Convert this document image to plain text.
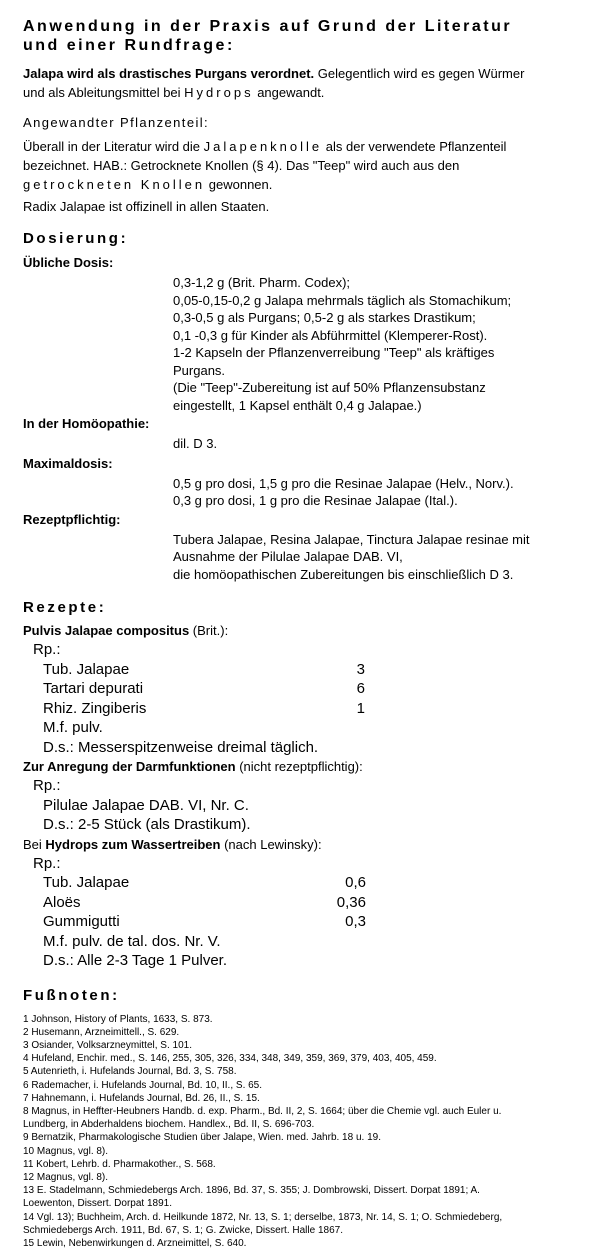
Anwendung in der Praxis auf Grund der Literatur

und einer Rundfrage:

Jalapa wird als drastisches Purgans verordnet. Gelegentlich wird es gegen Würmer

und als Ableitungsmittel bei Hydrops angewandt.

Angewandter Pflanzenteil:

Überall in der Literatur wird die Jalapenknolle als der verwendete Pflanzenteil

bezeichnet. HAB.: Getrocknete Knollen (§ 4). Das "Teep" wird auch aus den

getrockneten Knollen gewonnen.

Radix Jalapae ist offizinell in allen Staaten.

Dosierung:

Übliche Dosis:

0,3-1,2 g (Brit. Pharm. Codex);

0,05-0,15-0,2 g Jalapa mehrmals täglich als Stomachikum;

0,3-0,5 g als Purgans; 0,5-2 g als starkes Drastikum;

0,1 -0,3 g für Kinder als Abführmittel (Klemperer-Rost).

1-2 Kapseln der Pflanzenverreibung "Teep" als kräftiges

Purgans.

(Die "Teep"-Zubereitung ist auf 50% Pflanzensubstanz

eingestellt, 1 Kapsel enthält 0,4 g Jalapae.)

In der Homöopathie:

dil. D 3.

Maximaldosis:

0,5 g pro dosi, 1,5 g pro die Resinae Jalapae (Helv., Norv.).

0,3 g pro dosi, 1 g pro die Resinae Jalapae (Ital.).

Rezeptpflichtig:

Tubera Jalapae, Resina Jalapae, Tinctura Jalapae resinae mit

Ausnahme der Pilulae Jalapae DAB. VI,

die homöopathischen Zubereitungen bis einschließlich D 3.

Rezepte:

Pulvis Jalapae compositus (Brit.):

Rp.:

Tub. Jalapae	3
Tartari depurati	6
Rhiz. Zingiberis	1

M.f. pulv.

D.s.: Messerspitzenweise dreimal täglich.

Zur Anregung der Darmfunktionen (nicht rezeptpflichtig):

Rp.:

Pilulae Jalapae DAB. VI, Nr. C.

D.s.: 2-5 Stück (als Drastikum).

Bei Hydrops zum Wassertreiben (nach Lewinsky):

Rp.:

Tub. Jalapae	0,6
Aloës	0,36
Gummigutti	0,3

M.f. pulv. de tal. dos. Nr. V.

D.s.: Alle 2-3 Tage 1 Pulver.

Fußnoten:

1 Johnson, History of Plants, 1633, S. 873.

2 Husemann, Arzneimittell., S. 629.

3 Osiander, Volksarzneymittel, S. 101.

4 Hufeland, Enchir. med., S. 146, 255, 305, 326, 334, 348, 349, 359, 369, 379, 403, 405, 459.

5 Autenrieth, i. Hufelands Journal, Bd. 3, S. 758.

6 Rademacher, i. Hufelands Journal, Bd. 10, II., S. 65.

7 Hahnemann, i. Hufelands Journal, Bd. 26, II., S. 15.

8 Magnus, in Heffter-Heubners Handb. d. exp. Pharm., Bd. II, 2, S. 1664; über die Chemie vgl. auch Euler u.

Lundberg, in Abderhaldens biochem. Handlex., Bd. II, S. 696-703.

9 Bernatzik, Pharmakologische Studien über Jalape, Wien. med. Jahrb. 18 u. 19.

10 Magnus, vgl. 8).

11 Kobert, Lehrb. d. Pharmakother., S. 568.

12 Magnus, vgl. 8).

13 E. Stadelmann, Schmiedebergs Arch. 1896, Bd. 37, S. 355; J. Dombrowski, Dissert. Dorpat 1891; A.

Loewenton, Dissert. Dorpat 1891.

14 Vgl. 13); Buchheim, Arch. d. Heilkunde 1872, Nr. 13, S. 1; derselbe, 1873, Nr. 14, S. 1; O. Schmiedeberg,

Schmiedebergs Arch. 1911, Bd. 67, S. 1; G. Zwicke, Dissert. Halle 1867.

15 Lewin, Nebenwirkungen d. Arzneimittel, S. 640.
